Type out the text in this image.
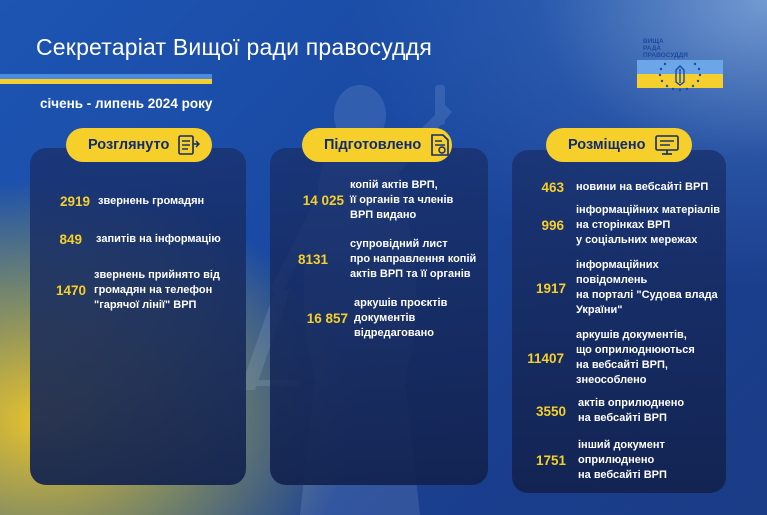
Секретаріат Вищої ради правосуддя
січень - липень 2024 року
ВИЩА
РАДА
ПРАВОСУДДЯ
Розглянуто	Підготовлено	Розміщено
2919 звернень громадян
849 запитів на інформацію
1470
звернень прийнято від
громадян на телефон
"гарячої лінії" ВРП
14 025
копій актів ВРП,
її органів та членів
ВРП видано
8131
супровідний лист
про направлення копій
актів ВРП та її органів
16 857
аркушів проєктів
документів
відредаговано
463 новини на вебсайті ВРП
996
інформаційних матеріалів
на сторінках ВРП
у соціальних мережах
1917
інформаційних
повідомлень
на порталі "Судова влада
України"
11407
аркушів документів,
що оприлюднюються
на вебсайті ВРП,
знеособлено
3550
актів оприлюднено
на вебсайті ВРП
1751
інший документ
оприлюднено
на вебсайті ВРП
